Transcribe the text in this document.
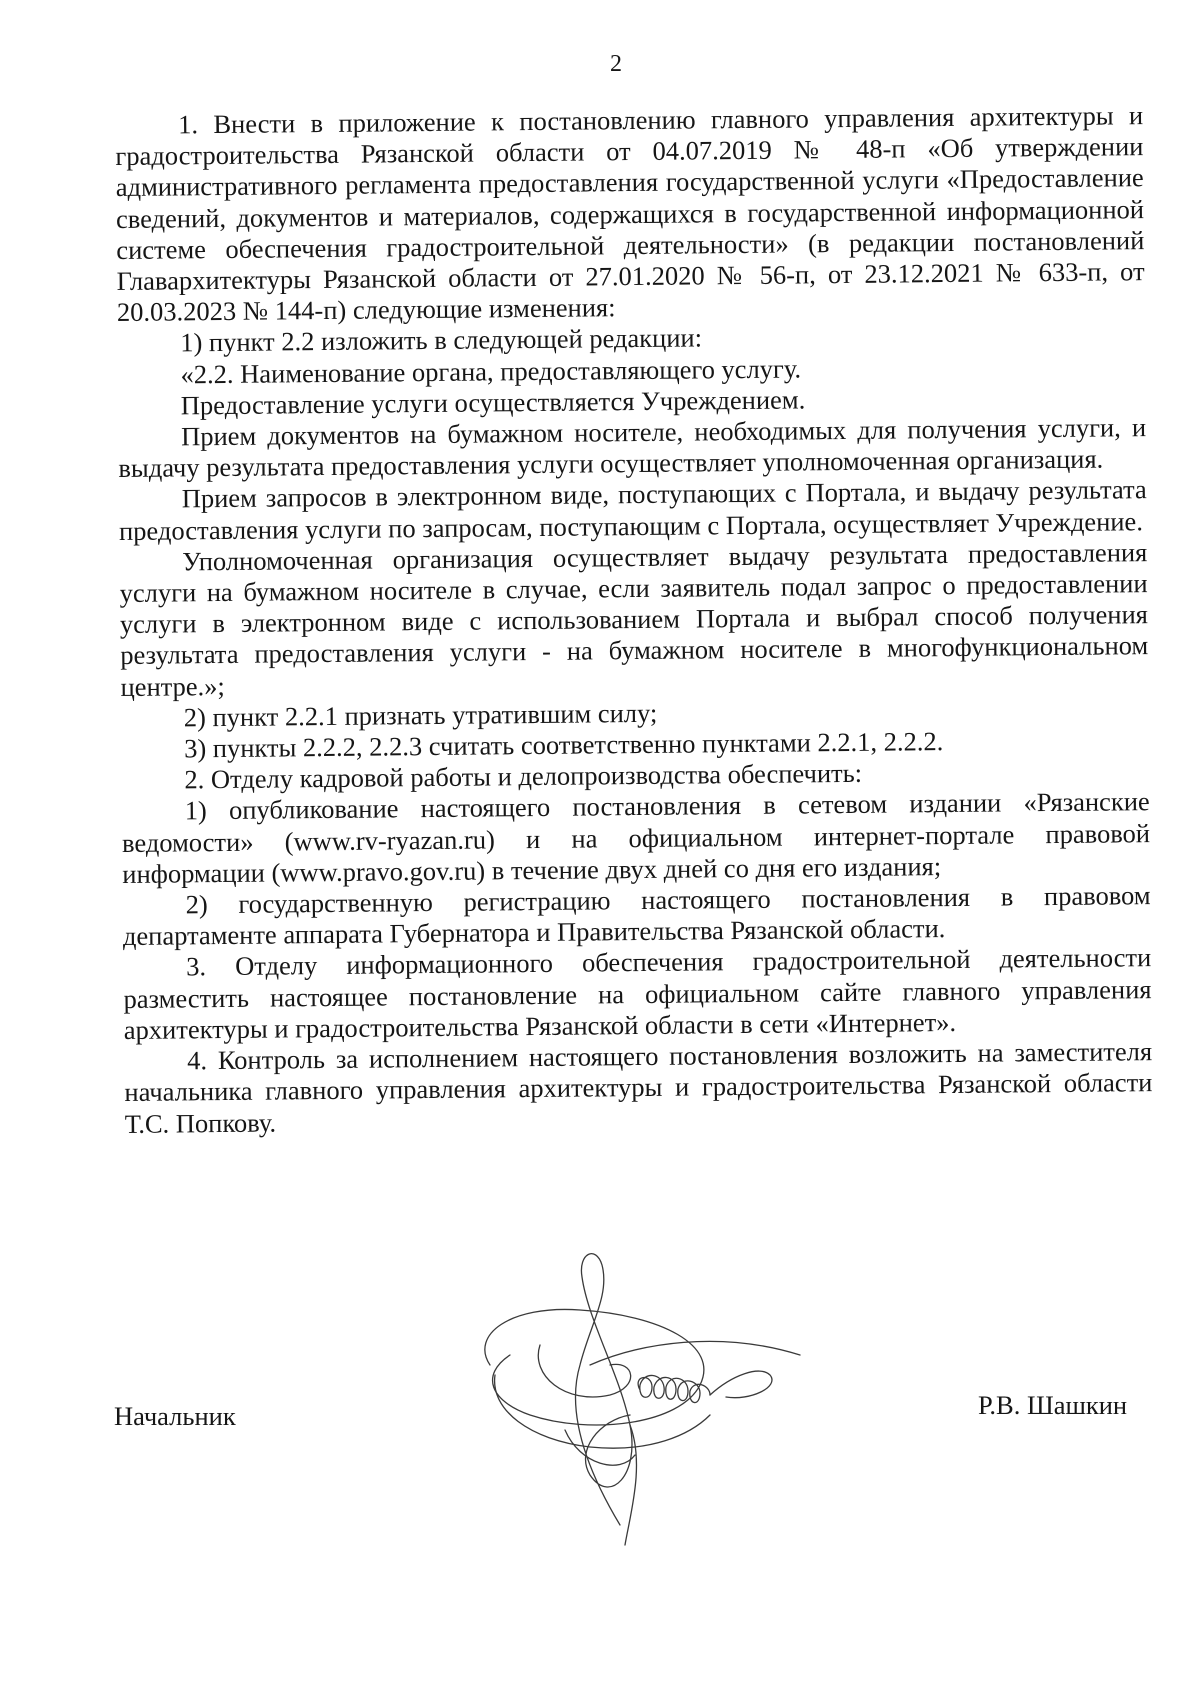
2

1. Внести в приложение к постановлению главного управления архитектуры и градостроительства Рязанской области от 04.07.2019 № 48-п «Об утверждении административного регламента предоставления государственной услуги «Предоставление сведений, документов и материалов, содержащихся в государственной информационной системе обеспечения градостроительной деятельности» (в редакции постановлений Главархитектуры Рязанской области от 27.01.2020 № 56-п, от 23.12.2021 № 633-п, от 20.03.2023 № 144-п) следующие изменения:

1) пункт 2.2 изложить в следующей редакции:

«2.2. Наименование органа, предоставляющего услугу.

Предоставление услуги осуществляется Учреждением.

Прием документов на бумажном носителе, необходимых для получения услуги, и выдачу результата предоставления услуги осуществляет уполномоченная организация.

Прием запросов в электронном виде, поступающих с Портала, и выдачу результата предоставления услуги по запросам, поступающим с Портала, осуществляет Учреждение.

Уполномоченная организация осуществляет выдачу результата предоставления услуги на бумажном носителе в случае, если заявитель подал запрос о предоставлении услуги в электронном виде с использованием Портала и выбрал способ получения результата предоставления услуги - на бумажном носителе в многофункциональном центре.»;

2) пункт 2.2.1 признать утратившим силу;

3) пункты 2.2.2, 2.2.3 считать соответственно пунктами 2.2.1, 2.2.2.

2. Отделу кадровой работы и делопроизводства обеспечить:

1) опубликование настоящего постановления в сетевом издании «Рязанские ведомости» (www.rv-ryazan.ru) и на официальном интернет-портале правовой информации (www.pravo.gov.ru) в течение двух дней со дня его издания;

2) государственную регистрацию настоящего постановления в правовом департаменте аппарата Губернатора и Правительства Рязанской области.

3. Отделу информационного обеспечения градостроительной деятельности разместить настоящее постановление на официальном сайте главного управления архитектуры и градостроительства Рязанской области в сети «Интернет».

4. Контроль за исполнением настоящего постановления возложить на заместителя начальника главного управления архитектуры и градостроительства Рязанской области Т.С. Попкову.

Начальник	Р.В. Шашкин
